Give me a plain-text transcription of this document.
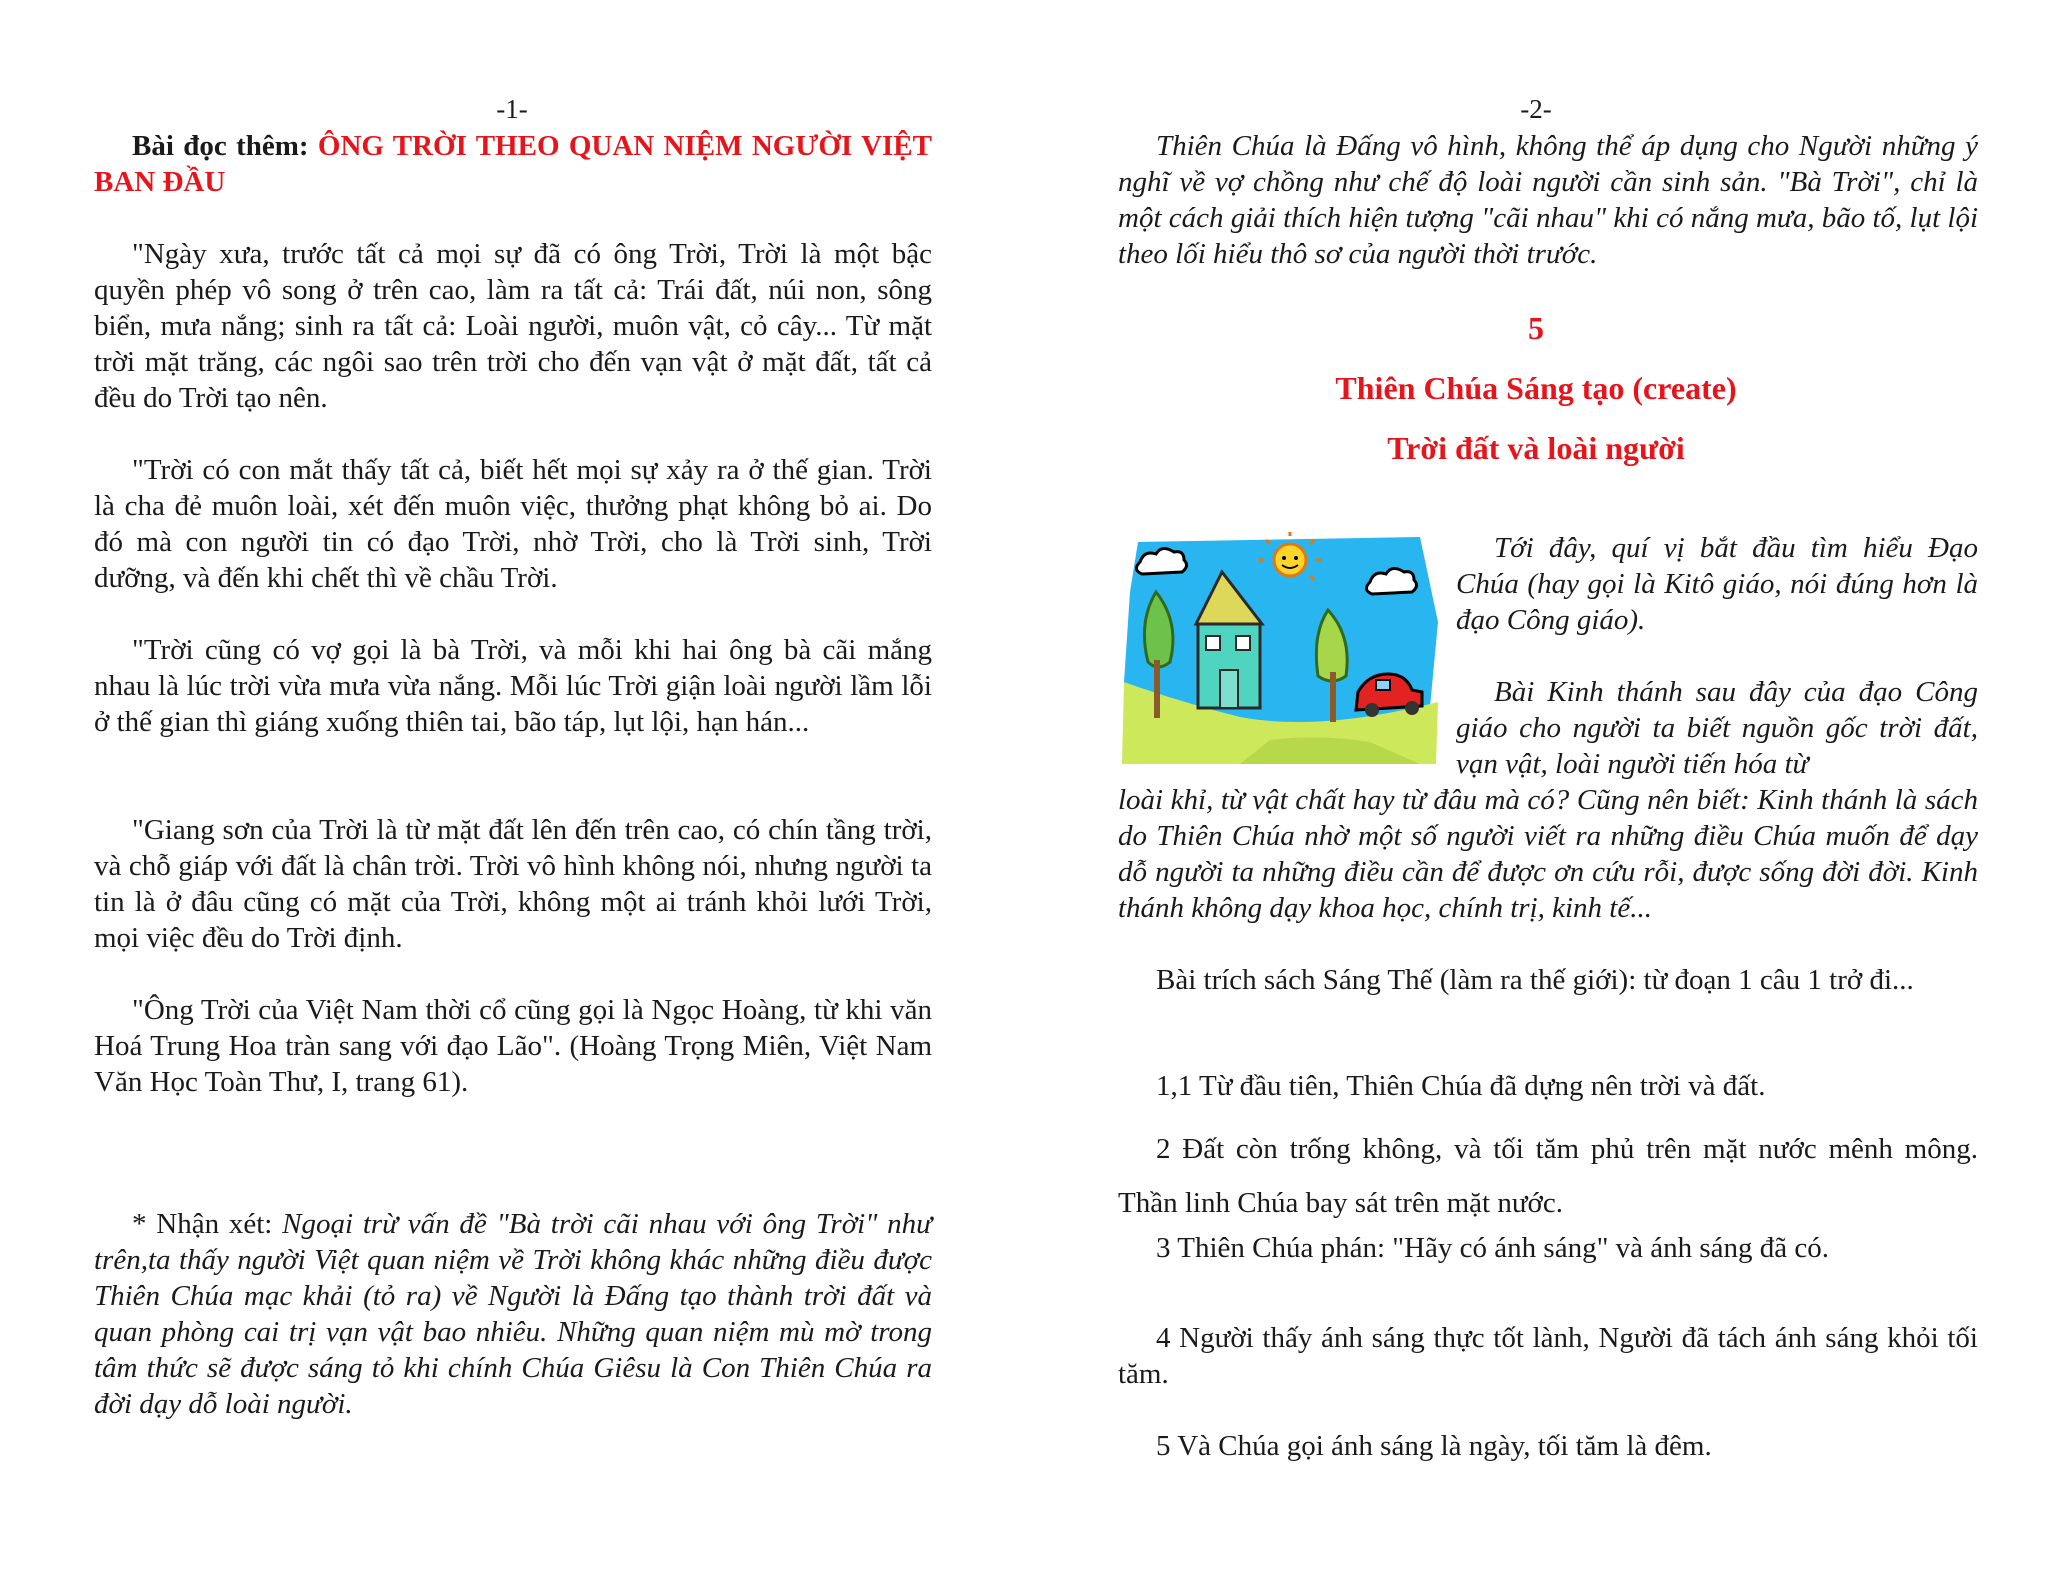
-1-
Bài đọc thêm: ÔNG TRỜI THEO QUAN NIỆM NGƯỜI VIỆT BAN ĐẦU

"Ngày xưa, trước tất cả mọi sự đã có ông Trời, Trời là một bậc quyền phép vô song ở trên cao, làm ra tất cả: Trái đất, núi non, sông biển, mưa nắng; sinh ra tất cả: Loài người, muôn vật, cỏ cây... Từ mặt trời mặt trăng, các ngôi sao trên trời cho đến vạn vật ở mặt đất, tất cả đều do Trời tạo nên.

"Trời có con mắt thấy tất cả, biết hết mọi sự xảy ra ở thế gian. Trời là cha đẻ muôn loài, xét đến muôn việc, thưởng phạt không bỏ ai. Do đó mà con người tin có đạo Trời, nhờ Trời, cho là Trời sinh, Trời dưỡng, và đến khi chết thì về chầu Trời.

"Trời cũng có vợ gọi là bà Trời, và mỗi khi hai ông bà cãi mắng nhau là lúc trời vừa mưa vừa nắng. Mỗi lúc Trời giận loài người lầm lỗi ở thế gian thì giáng xuống thiên tai, bão táp, lụt lội, hạn hán...

"Giang sơn của Trời là từ mặt đất lên đến trên cao, có chín tầng trời, và chỗ giáp với đất là chân trời. Trời vô hình không nói, nhưng người ta tin là ở đâu cũng có mặt của Trời, không một ai tránh khỏi lưới Trời, mọi việc đều do Trời định.

"Ông Trời của Việt Nam thời cổ cũng gọi là Ngọc Hoàng, từ khi văn Hoá Trung Hoa tràn sang với đạo Lão". (Hoàng Trọng Miên, Việt Nam Văn Học Toàn Thư, I, trang 61).

* Nhận xét: Ngoại trừ vấn đề "Bà trời cãi nhau với ông Trời" như trên,ta thấy người Việt quan niệm về Trời không khác những điều được Thiên Chúa mạc khải (tỏ ra) về Người là Đấng tạo thành trời đất và quan phòng cai trị vạn vật bao nhiêu. Những quan niệm mù mờ trong tâm thức sẽ được sáng tỏ khi chính Chúa Giêsu là Con Thiên Chúa ra đời dạy dỗ loài người.

-2-

Thiên Chúa là Đấng vô hình, không thể áp dụng cho Người những ý nghĩ về vợ chồng như chế độ loài người cần sinh sản. "Bà Trời", chỉ là một cách giải thích hiện tượng "cãi nhau" khi có nắng mưa, bão tố, lụt lội theo lối hiểu thô sơ của người thời trước.

5
Thiên Chúa Sáng tạo (create)
Trời đất và loài người

Tới đây, quí vị bắt đầu tìm hiểu Đạo Chúa (hay gọi là Kitô giáo, nói đúng hơn là đạo Công giáo).

Bài Kinh thánh sau đây của đạo Công giáo cho người ta biết nguồn gốc trời đất, vạn vật, loài người tiến hóa từ

loài khỉ, từ vật chất hay từ đâu mà có? Cũng nên biết: Kinh thánh là sách do Thiên Chúa nhờ một số người viết ra những điều Chúa muốn để dạy dỗ người ta những điều cần để được ơn cứu rỗi, được sống đời đời. Kinh thánh không dạy khoa học, chính trị, kinh tế...

Bài trích sách Sáng Thế (làm ra thế giới): từ đoạn 1 câu 1 trở đi...

1,1 Từ đầu tiên, Thiên Chúa đã dựng nên trời và đất.

2 Đất còn trống không, và tối tăm phủ trên mặt nước mênh mông. Thần linh Chúa bay sát trên mặt nước.

3 Thiên Chúa phán: "Hãy có ánh sáng" và ánh sáng đã có.

4 Người thấy ánh sáng thực tốt lành, Người đã tách ánh sáng khỏi tối tăm.

5 Và Chúa gọi ánh sáng là ngày, tối tăm là đêm.
